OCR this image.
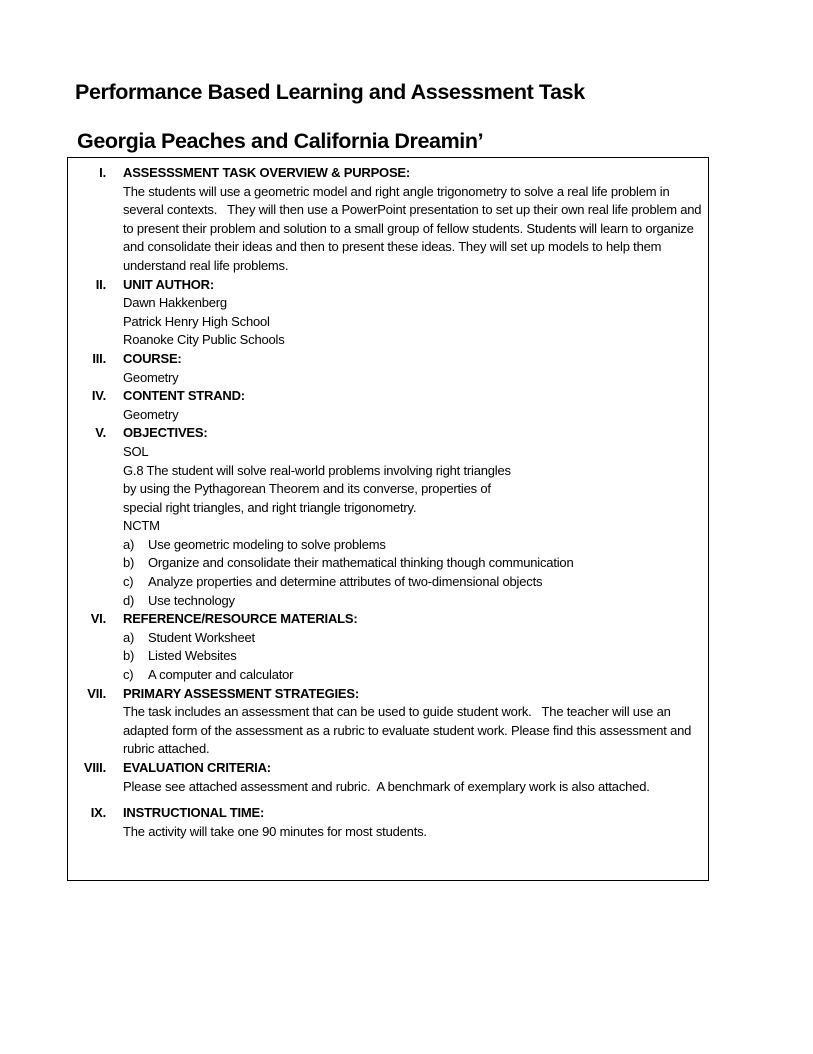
Performance Based Learning and Assessment Task
Georgia Peaches and California Dreamin’
I. ASSESSSMENT TASK OVERVIEW & PURPOSE:
The students will use a geometric model and right angle trigonometry to solve a real life problem in several contexts.   They will then use a PowerPoint presentation to set up their own real life problem and to present their problem and solution to a small group of fellow students. Students will learn to organize and consolidate their ideas and then to present these ideas. They will set up models to help them understand real life problems.
II. UNIT AUTHOR:
Dawn Hakkenberg
Patrick Henry High School
Roanoke City Public Schools
III. COURSE:
Geometry
IV. CONTENT STRAND:
Geometry
V. OBJECTIVES:
SOL
G.8 The student will solve real-world problems involving right triangles
by using the Pythagorean Theorem and its converse, properties of
special right triangles, and right triangle trigonometry.
NCTM
a)	Use geometric modeling to solve problems
b)	Organize and consolidate their mathematical thinking though communication
c)	Analyze properties and determine attributes of two-dimensional objects
d)	Use technology
VI. REFERENCE/RESOURCE MATERIALS:
a)	Student Worksheet
b)	Listed Websites
c)	A computer and calculator
VII. PRIMARY ASSESSMENT STRATEGIES:
The task includes an assessment that can be used to guide student work.   The teacher will use an adapted form of the assessment as a rubric to evaluate student work. Please find this assessment and rubric attached.
VIII. EVALUATION CRITERIA:
Please see attached assessment and rubric.  A benchmark of exemplary work is also attached.
IX. INSTRUCTIONAL TIME:
The activity will take one 90 minutes for most students.
